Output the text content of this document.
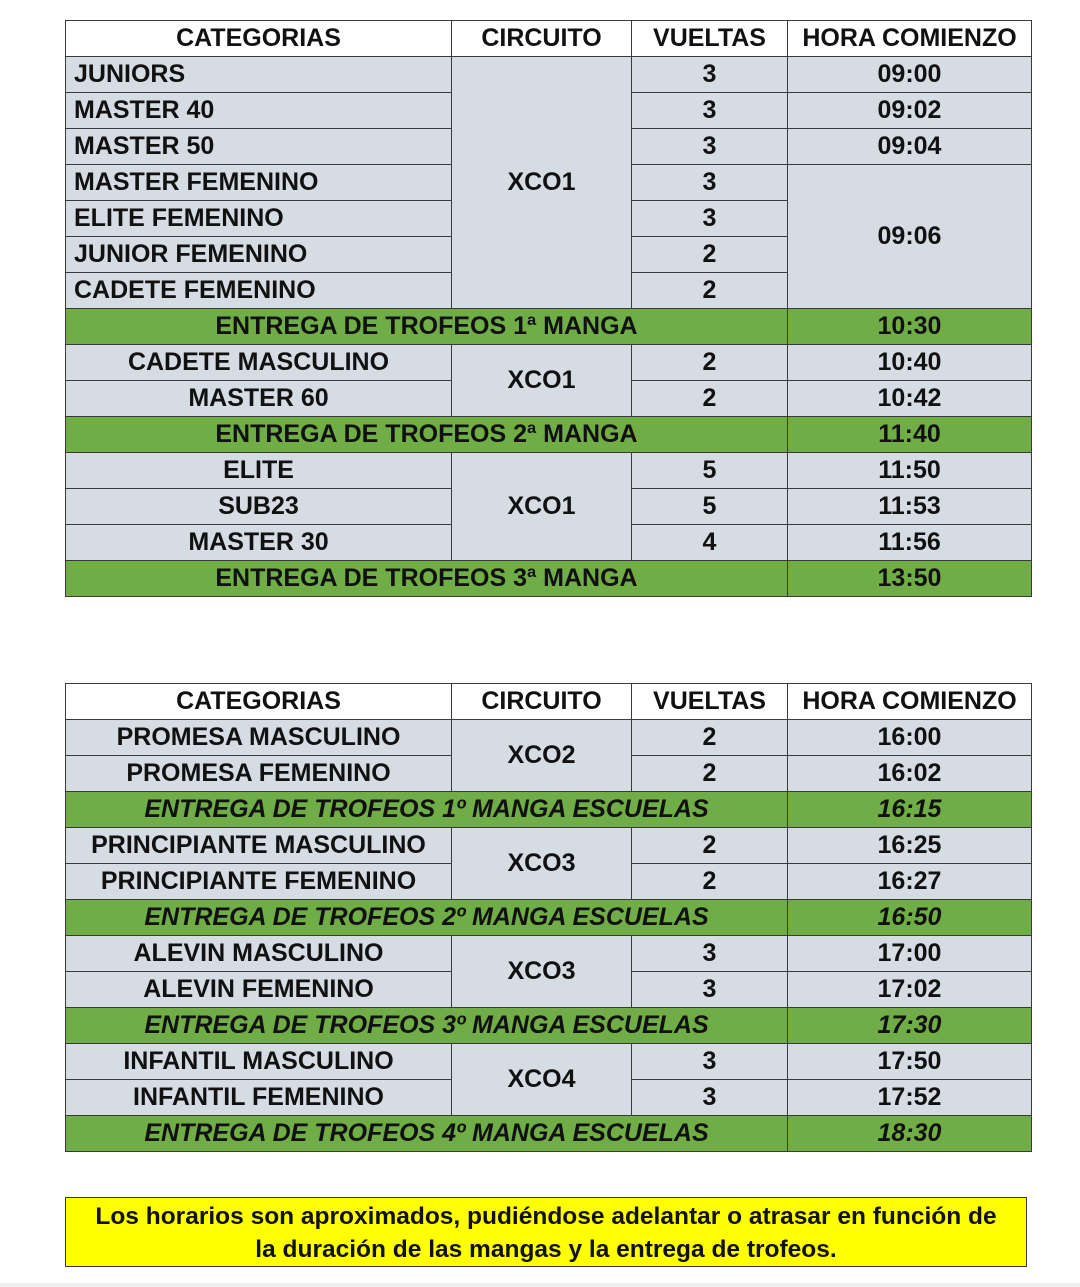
CATEGORIAS	CIRCUITO	VUELTAS	HORA COMIENZO
JUNIORS	XCO1	3	09:00
MASTER 40		3	09:02
MASTER 50		3	09:04
MASTER FEMENINO		3	09:06
ELITE FEMENINO		3	
JUNIOR FEMENINO		2	
CADETE FEMENINO		2	
ENTREGA DE TROFEOS 1ª MANGA			10:30
CADETE MASCULINO	XCO1	2	10:40
MASTER 60		2	10:42
ENTREGA DE TROFEOS 2ª MANGA			11:40
ELITE	XCO1	5	11:50
SUB23		5	11:53
MASTER 30		4	11:56
ENTREGA DE TROFEOS 3ª MANGA			13:50
CATEGORIAS	CIRCUITO	VUELTAS	HORA COMIENZO
PROMESA MASCULINO	XCO2	2	16:00
PROMESA FEMENINO		2	16:02
ENTREGA DE TROFEOS 1º MANGA ESCUELAS			16:15
PRINCIPIANTE MASCULINO	XCO3	2	16:25
PRINCIPIANTE FEMENINO		2	16:27
ENTREGA DE TROFEOS 2º MANGA ESCUELAS			16:50
ALEVIN MASCULINO	XCO3	3	17:00
ALEVIN FEMENINO		3	17:02
ENTREGA DE TROFEOS 3º MANGA ESCUELAS			17:30
INFANTIL MASCULINO	XCO4	3	17:50
INFANTIL FEMENINO		3	17:52
ENTREGA DE TROFEOS 4º MANGA ESCUELAS			18:30
Los horarios son aproximados, pudiéndose adelantar o atrasar en función de
la duración de las mangas y la entrega de trofeos.
